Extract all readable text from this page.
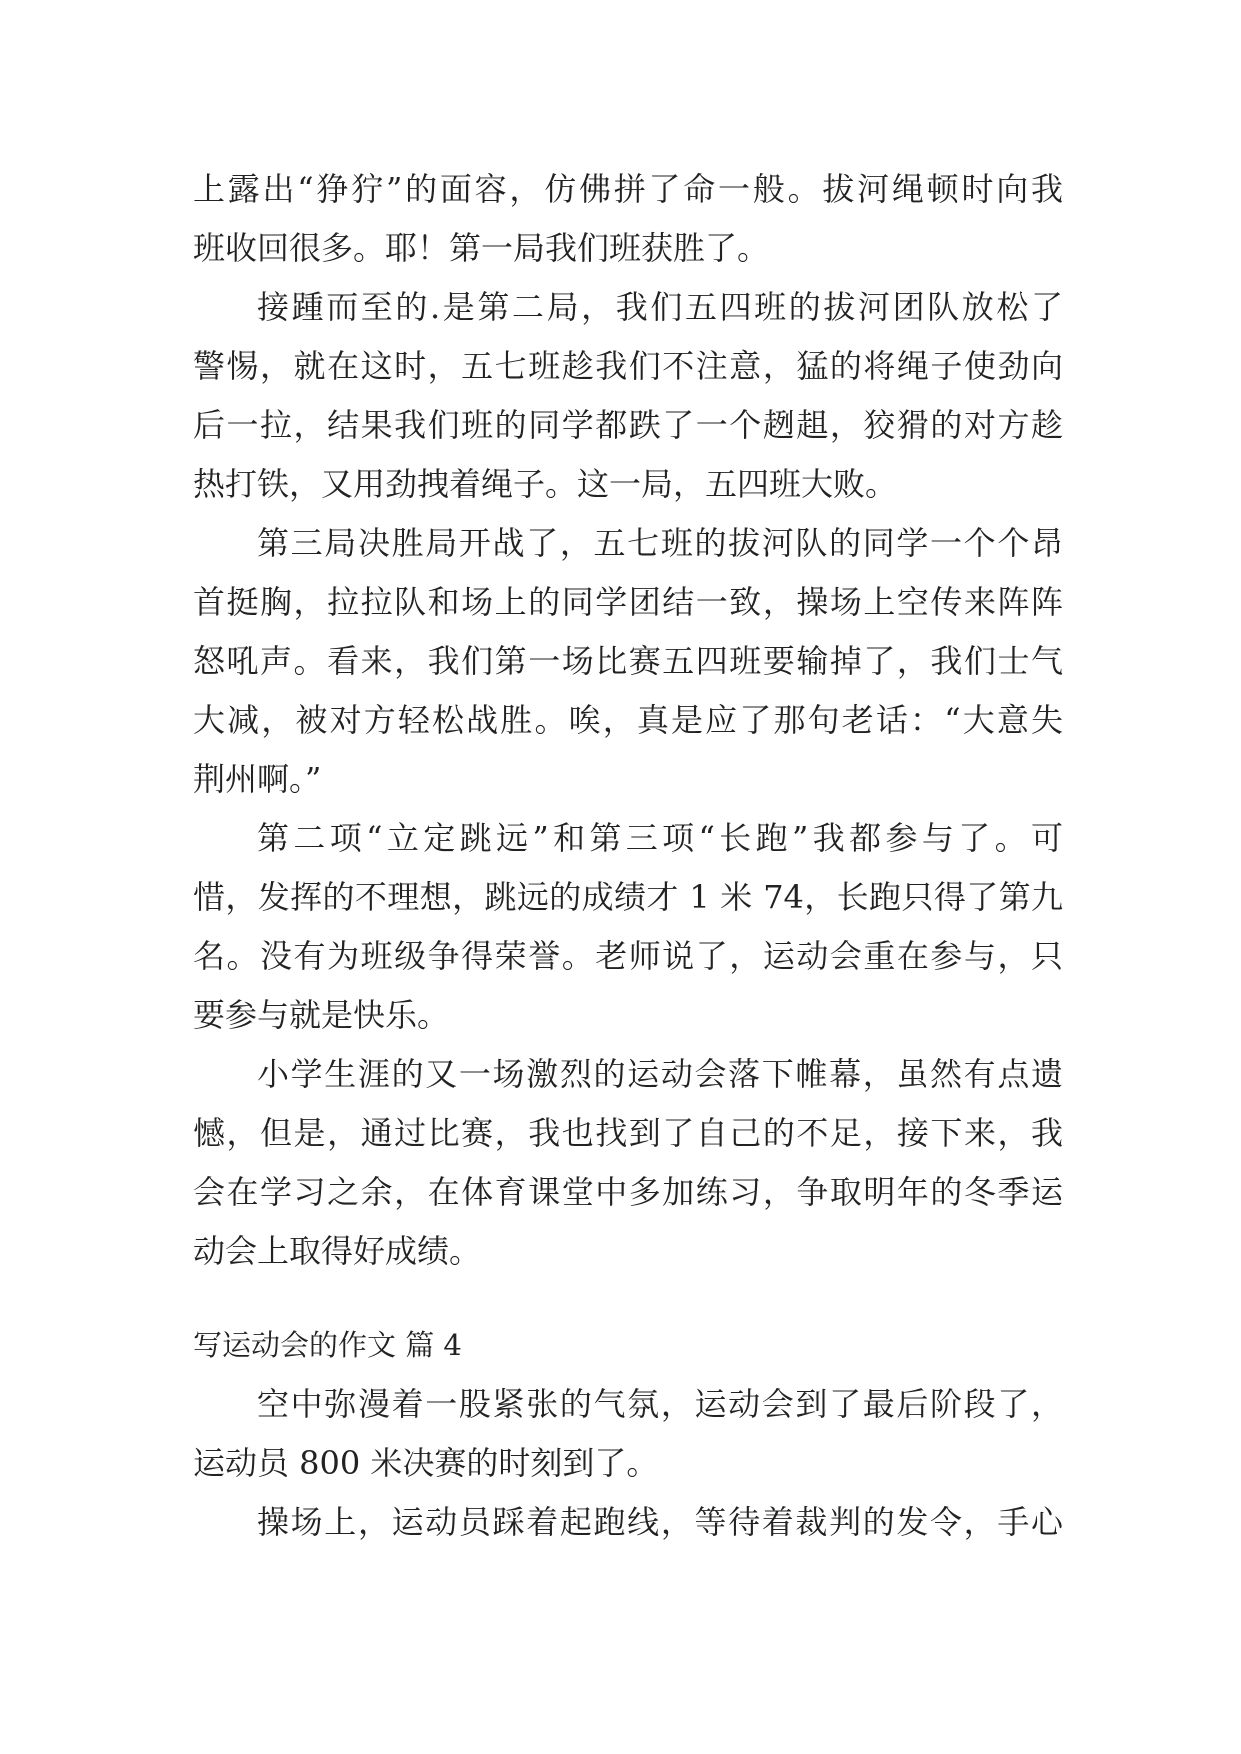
上露出“狰狞”的面容，仿佛拼了命一般。拔河绳顿时向我
班收回很多。耶！第一局我们班获胜了。
接踵而至的.是第二局，我们五四班的拔河团队放松了
警惕，就在这时，五七班趁我们不注意，猛的将绳子使劲向
后一拉，结果我们班的同学都跌了一个趔趄，狡猾的对方趁
热打铁，又用劲拽着绳子。这一局，五四班大败。
第三局决胜局开战了，五七班的拔河队的同学一个个昂
首挺胸，拉拉队和场上的同学团结一致，操场上空传来阵阵
怒吼声。看来，我们第一场比赛五四班要输掉了，我们士气
大减，被对方轻松战胜。唉，真是应了那句老话：“大意失
荆州啊。”
第二项“立定跳远”和第三项“长跑”我都参与了。可
惜，发挥的不理想，跳远的成绩才 1 米 74，长跑只得了第九
名。没有为班级争得荣誉。老师说了，运动会重在参与，只
要参与就是快乐。
小学生涯的又一场激烈的运动会落下帷幕，虽然有点遗
憾，但是，通过比赛，我也找到了自己的不足，接下来，我
会在学习之余，在体育课堂中多加练习，争取明年的冬季运
动会上取得好成绩。
写运动会的作文 篇 4
空中弥漫着一股紧张的气氛，运动会到了最后阶段了，
运动员 800 米决赛的时刻到了。
操场上，运动员踩着起跑线，等待着裁判的发令，手心
